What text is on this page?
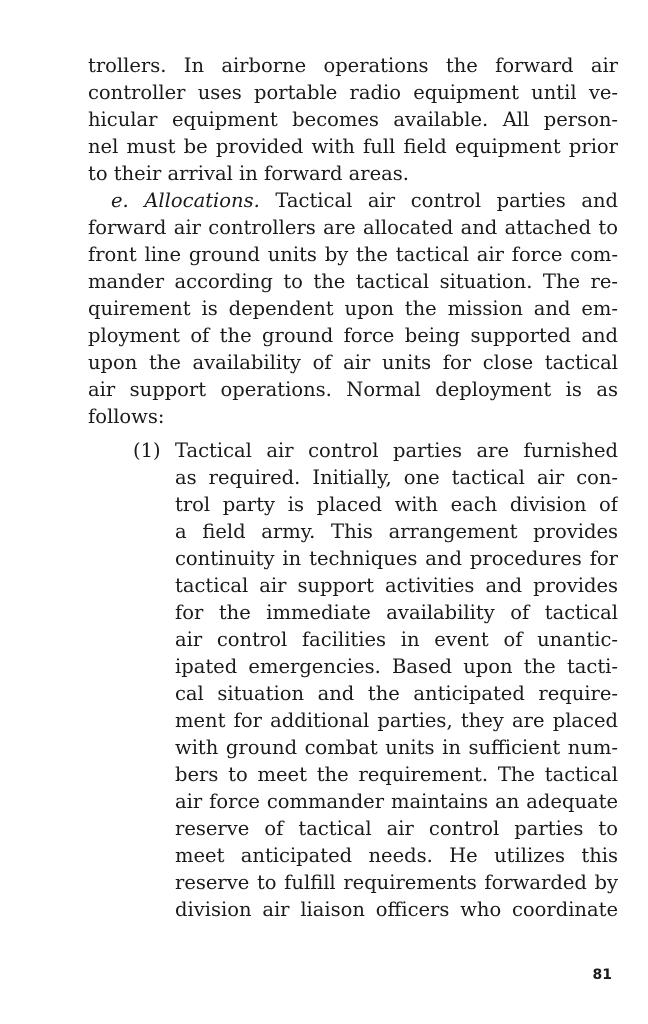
trollers. In airborne operations the forward air
controller uses portable radio equipment until ve-
hicular equipment becomes available. All person-
nel must be provided with full field equipment prior
to their arrival in forward areas.
e. Allocations. Tactical air control parties and
forward air controllers are allocated and attached to
front line ground units by the tactical air force com-
mander according to the tactical situation. The re-
quirement is dependent upon the mission and em-
ployment of the ground force being supported and
upon the availability of air units for close tactical
air support operations. Normal deployment is as
follows:
(1) Tactical air control parties are furnished
as required. Initially, one tactical air con-
trol party is placed with each division of
a field army. This arrangement provides
continuity in techniques and procedures for
tactical air support activities and provides
for the immediate availability of tactical
air control facilities in event of unantic-
ipated emergencies. Based upon the tacti-
cal situation and the anticipated require-
ment for additional parties, they are placed
with ground combat units in sufficient num-
bers to meet the requirement. The tactical
air force commander maintains an adequate
reserve of tactical air control parties to
meet anticipated needs. He utilizes this
reserve to fulfill requirements forwarded by
division air liaison officers who coordinate
81
